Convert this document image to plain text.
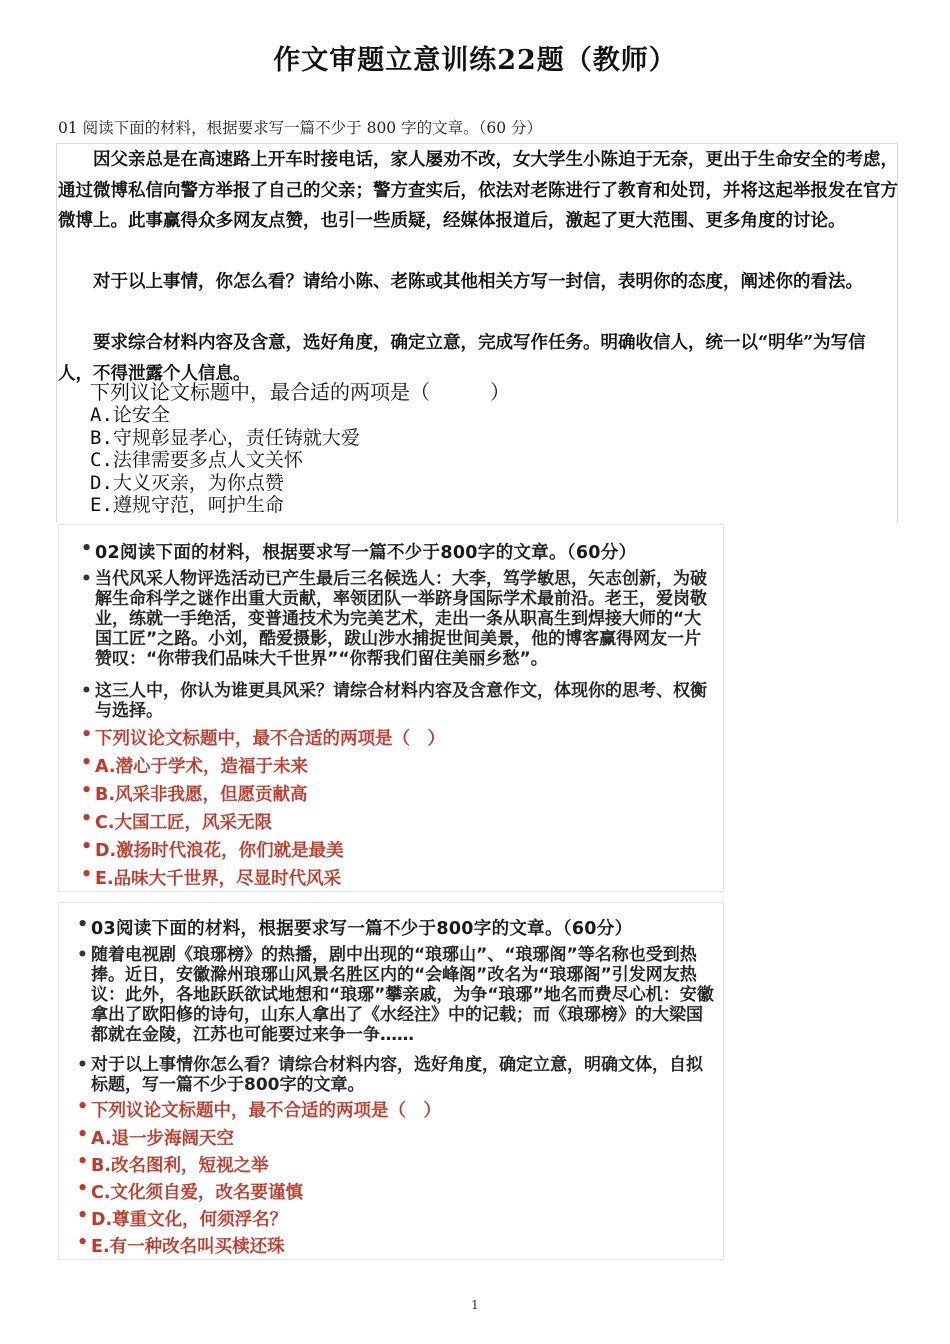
作文审题立意训练22题（教师）
01 阅读下面的材料，根据要求写一篇不少于 800 字的文章。（60 分）

因父亲总是在高速路上开车时接电话，家人屡劝不改，女大学生小陈迫于无奈，更出于生命安全的考虑，通过微博私信向警方举报了自己的父亲；警方查实后，依法对老陈进行了教育和处罚，并将这起举报发在官方微博上。此事赢得众多网友点赞，也引一些质疑，经媒体报道后，激起了更大范围、更多角度的讨论。

对于以上事情，你怎么看？请给小陈、老陈或其他相关方写一封信，表明你的态度，阐述你的看法。

要求综合材料内容及含意，选好角度，确定立意，完成写作任务。明确收信人，统一以“明华”为写信人，不得泄露个人信息。

下列议论文标题中，最合适的两项是（　　　）

A.论安全
B.守规彰显孝心，责任铸就大爱
C.法律需要多点人文关怀
D.大义灭亲，为你点赞
E.遵规守范，呵护生命

• 02阅读下面的材料，根据要求写一篇不少于800字的文章。（60分）

• 当代风采人物评选活动已产生最后三名候选人：大李，笃学敏思，矢志创新，为破解生命科学之谜作出重大贡献，率领团队一举跻身国际学术最前沿。老王，爱岗敬业，练就一手绝活，变普通技术为完美艺术，走出一条从职高生到焊接大师的“大国工匠”之路。小刘，酷爱摄影，跋山涉水捕捉世间美景，他的博客赢得网友一片赞叹：“你带我们品味大千世界”“你帮我们留住美丽乡愁”。

• 这三人中，你认为谁更具风采？请综合材料内容及含意作文，体现你的思考、权衡与选择。

• 下列议论文标题中，最不合适的两项是（　）

• A.潜心于学术，造福于未来

• B.风采非我愿，但愿贡献高

• C.大国工匠，风采无限

• D.激扬时代浪花，你们就是最美

• E.品味大千世界，尽显时代风采

• 03阅读下面的材料，根据要求写一篇不少于800字的文章。（60分）

• 随着电视剧《琅琊榜》的热播，剧中出现的“琅琊山”、“琅琊阁”等名称也受到热捧。近日，安徽滁州琅琊山风景名胜区内的“会峰阁”改名为“琅琊阁”引发网友热议：此外，各地跃跃欲试地想和“琅琊”攀亲戚，为争“琅琊”地名而费尽心机：安徽拿出了欧阳修的诗句，山东人拿出了《水经注》中的记载；而《琅琊榜》的大梁国都就在金陵，江苏也可能要过来争一争……

• 对于以上事情你怎么看？请综合材料内容，选好角度，确定立意，明确文体，自拟标题，写一篇不少于800字的文章。

• 下列议论文标题中，最不合适的两项是（　）

• A.退一步海阔天空

• B.改名图利，短视之举

• C.文化须自爱，改名要谨慎

• D.尊重文化，何须浮名？

• E.有一种改名叫买椟还珠

1
